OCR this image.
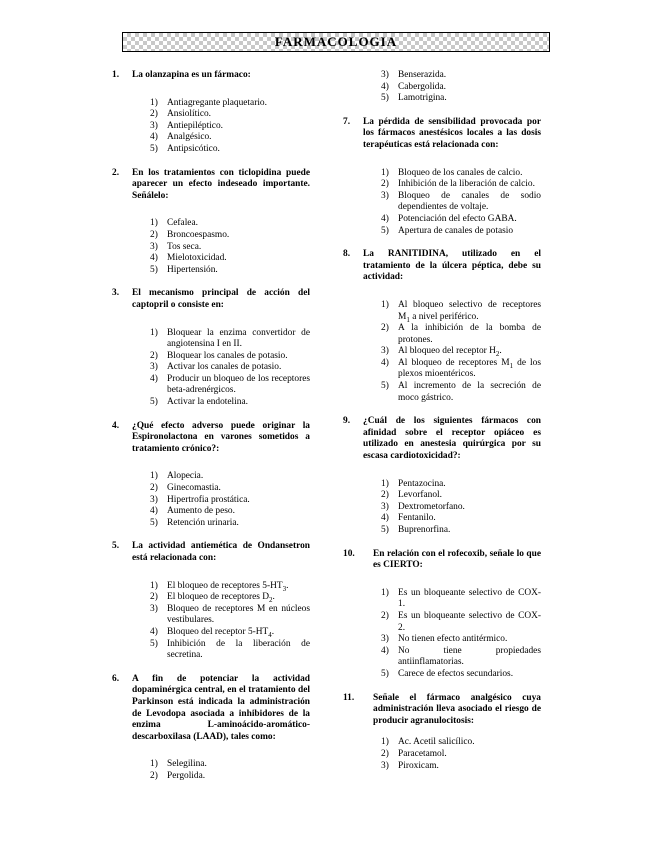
FARMACOLOGIA
1.	La olanzapina es un fármaco:
1) Antiagregante plaquetario.
2) Ansiolítico.
3) Antiepiléptico.
4) Analgésico.
5) Antipsicótico.
2.	En los tratamientos con ticlopidina puede aparecer un efecto indeseado importante. Señálelo:
1) Cefalea.
2) Broncoespasmo.
3) Tos seca.
4) Mielotoxicidad.
5) Hipertensión.
3.	El mecanismo principal de acción del captopril o consiste en:
1) Bloquear la enzima convertidor de angiotensina I en II.
2) Bloquear los canales de potasio.
3) Activar los canales de potasio.
4) Producir un bloqueo de los receptores beta-adrenérgicos.
5) Activar la endotelina.
4.	¿Qué efecto adverso puede originar la Espironolactona en varones sometidos a tratamiento crónico?:
1) Alopecia.
2) Ginecomastia.
3) Hipertrofia prostática.
4) Aumento de peso.
5) Retención urinaria.
5.	La actividad antiemética de Ondansetron está relacionada con:
1) El bloqueo de receptores $5-HT_3$.
2) El bloqueo de receptores $D_2$.
3) Bloqueo de receptores M en núcleos vestibulares.
4) Bloqueo del receptor $5-HT_4$.
5) Inhibición de la liberación de secretina.
6.	A fin de potenciar la actividad dopaminérgica central, en el tratamiento del Parkinson está indicada la administración de Levodopa asociada a inhibidores de la enzima L-aminoácido-aromático-descarboxilasa (LAAD), tales como:
1) Selegilina.
2) Pergolida.
3) Benserazida.
4) Cabergolida.
5) Lamotrigina.
7.	La pérdida de sensibilidad provocada por los fármacos anestésicos locales a las dosis terapéuticas está relacionada con:
1) Bloqueo de los canales de calcio.
2) Inhibición de la liberación de calcio.
3) Bloqueo de canales de sodio dependientes de voltaje.
4) Potenciación del efecto GABA.
5) Apertura de canales de potasio
8.	La RANITIDINA, utilizado en el tratamiento de la úlcera péptica, debe su actividad:
1) Al bloqueo selectivo de receptores $M_1$ a nivel periférico.
2) A la inhibición de la bomba de protones.
3) Al bloqueo del receptor $H_2$.
4) Al bloqueo de receptores $M_1$ de los plexos mioentéricos.
5) Al incremento de la secreción de moco gástrico.
9.	¿Cuál de los siguientes fármacos con afinidad sobre el receptor opiáceo es utilizado en anestesia quirúrgica por su escasa cardiotoxicidad?:
1) Pentazocina.
2) Levorfanol.
3) Dextrometorfano.
4) Fentanilo.
5) Buprenorfina.
10.	En relación con el rofecoxib, señale lo que es CIERTO:
1) Es un bloqueante selectivo de COX-1.
2) Es un bloqueante selectivo de COX-2.
3) No tienen efecto antitérmico.
4) No tiene propiedades antiinflamatorias.
5) Carece de efectos secundarios.
11.	Señale el fármaco analgésico cuya administración lleva asociado el riesgo de producir agranulocitosis:
1) Ac. Acetil salicílico.
2) Paracetamol.
3) Piroxicam.
